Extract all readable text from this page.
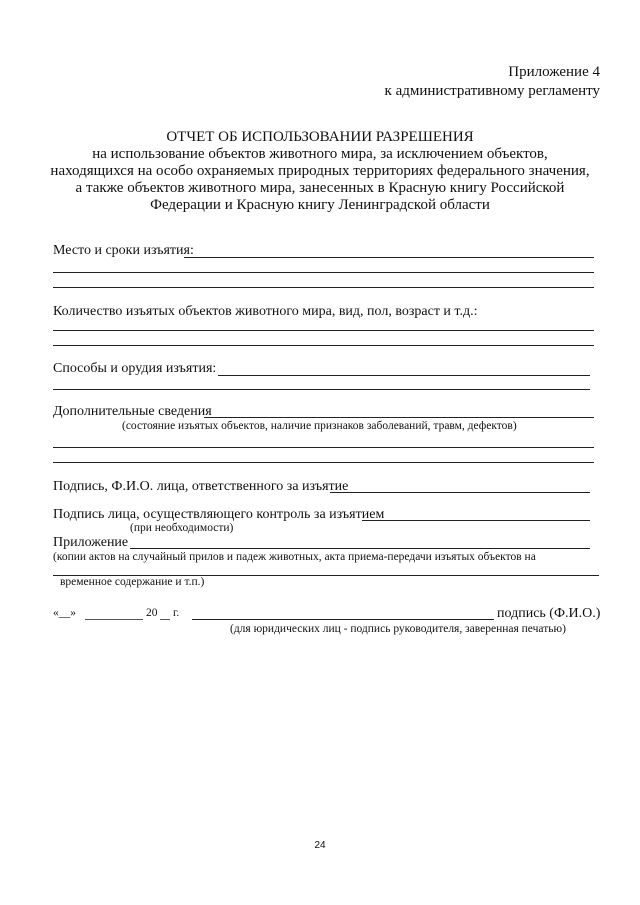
Приложение 4
к административному регламенту
ОТЧЕТ ОБ ИСПОЛЬЗОВАНИИ РАЗРЕШЕНИЯ
на использование объектов животного мира, за исключением объектов,
находящихся на особо охраняемых природных территориях федерального значения,
а также объектов животного мира, занесенных в Красную книгу Российской
Федерации и Красную книгу Ленинградской области
Место и сроки изъятия:
Количество изъятых объектов животного мира, вид, пол, возраст и т.д.:
Способы и орудия изъятия:
Дополнительные сведения
(состояние изъятых объектов, наличие признаков заболеваний, травм, дефектов)
Подпись, Ф.И.О. лица, ответственного за изъятие
Подпись лица, осуществляющего контроль за изъятием
(при необходимости)
Приложение
(копии актов на случайный прилов и падеж животных, акта приема-передачи изъятых объектов на
временное содержание и т.п.)
«__»	20 г.	подпись (Ф.И.О.)
(для юридических лиц - подпись руководителя, заверенная печатью)
24
